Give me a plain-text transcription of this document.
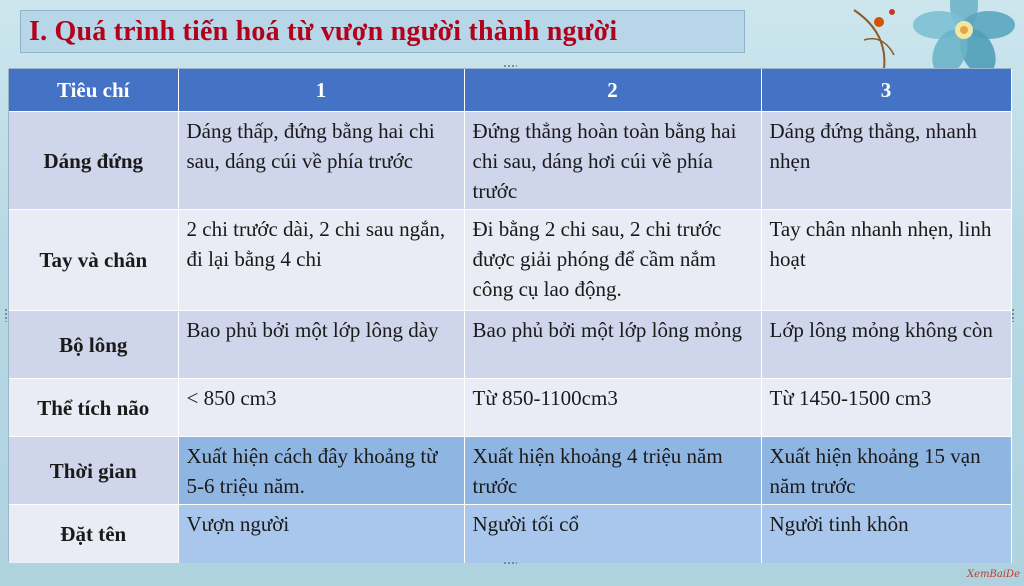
I. Quá trình tiến hoá từ vượn người thành người
Tiêu chí	1	2	3
Dáng đứng	Dáng thấp, đứng bằng hai chi sau, dáng cúi về phía trước	Đứng thẳng hoàn toàn bằng hai chi sau, dáng hơi cúi về phía trước	Dáng đứng thẳng, nhanh nhẹn
Tay và chân	2 chi trước dài, 2 chi sau ngắn, đi lại bằng 4 chi	Đi bằng 2 chi sau, 2 chi trước được giải phóng để cầm nắm công cụ lao động.	Tay chân nhanh nhẹn, linh hoạt
Bộ lông	Bao phủ bởi một lớp lông dày	Bao phủ bởi một lớp lông mỏng	Lớp lông mỏng không còn
Thể tích não	< 850 cm3	Từ 850-1100cm3	Từ 1450-1500 cm3
Thời gian	Xuất hiện cách đây khoảng từ 5-6 triệu năm.	Xuất hiện khoảng 4 triệu năm trước	Xuất hiện khoảng 15 vạn năm trước
Đặt tên	Vượn người	Người tối cổ	Người tinh khôn
XemBaiDe
